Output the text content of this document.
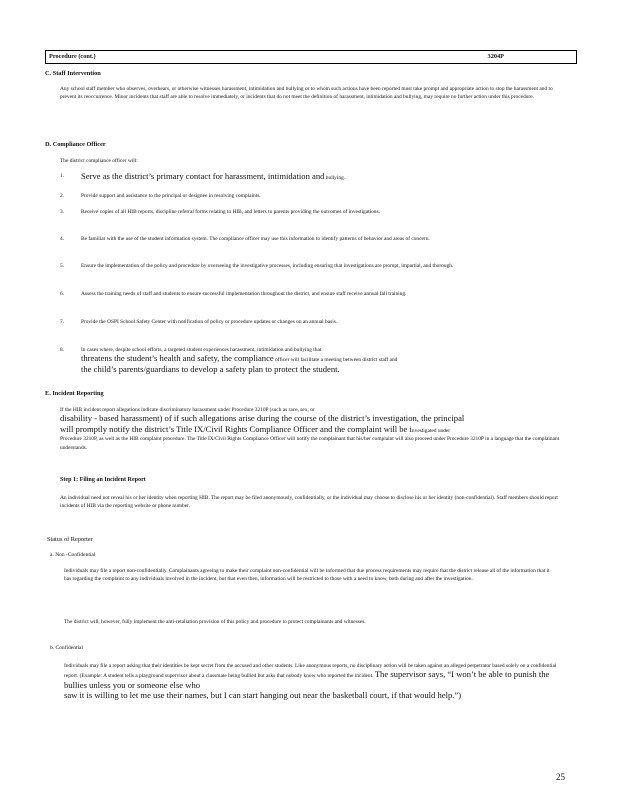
Procedure (cont.)	3204P
C. Staff Intervention
Any school staff member who observes, overhears, or otherwise witnesses harassment, intimidation and bullying or to whom such actions have been reported must take prompt and appropriate action to stop the harassment and to prevent its reoccurrence. Minor incidents that staff are able to resolve immediately, or incidents that do not meet the definition of harassment, intimidation and bullying, may require no further action under this procedure.
D. Compliance Officer
The district compliance officer will:
1. Serve as the district’s primary contact for harassment, intimidation and bullying.
2.	Provide support and assistance to the principal or designee in resolving complaints.
3.	Receive copies of all HIB reports, discipline referral forms relating to HIB, and letters to parents providing the outcomes of investigations.
4.	Be familiar with the use of the student information system. The compliance officer may use this information to identify patterns of behavior and areas of concern.
5.	Ensure the implementation of the policy and procedure by overseeing the investigative processes, including ensuring that investigations are prompt, impartial, and thorough.
6.	Assess the training needs of staff and students to ensure successful implementation throughout the district, and ensure staff receive annual fall training.
7.	Provide the OSPI School Safety Center with notification of policy or procedure updates or changes on an annual basis.
8.	In cases where, despite school efforts, a targeted student experiences harassment, intimidation and bullying that
threatens the student’s health and safety, the compliance officer will facilitate a meeting between district staff and
the child’s parents/guardians to develop a safety plan to protect the student.
E. Incident Reporting
If the HIB incident report allegations indicate discriminatory harassment under Procedure 3210P (such as race, sex, or
disability - based harassment) of if such allegations arise during the course of the district’s investigation, the principal
will promptly notify the district’s Title IX/Civil Rights Compliance Officer and the complaint will be investigated under
Procedure 3210P, as well as the HIB complaint procedure. The Title IX/Civil Rights Compliance Officer will notify the complainant that his/her complaint will also proceed under Procedure 3210P in a language that the complainant understands.
Step 1: Filing an Incident Report
An individual need not reveal his or her identity when reporting HIB. The report may be filed anonymously, confidentially, or the individual may choose to disclose his or her identity (non-confidential). Staff members should report incidents of HIB via the reporting website or phone number.
Status of Reporter
a. Non -Confidential
Individuals may file a report non-confidentially. Complainants agreeing to make their complaint non-confidential will be informed that due process requirements may require that the district release all of the information that it has regarding the complaint to any individuals involved in the incident, but that even then, information will be restricted to those with a need to know, both during and after the investigation.
The district will, however, fully implement the anti-retaliation provision of this policy and procedure to protect complainants and witnesses.
b. Confidential
Individuals may file a report asking that their identities be kept secret from the accused and other students. Like anonymous reports, no disciplinary action will be taken against an alleged perpetrator based solely on a confidential report. (Example: A student tells a playground supervisor about a classmate being bullied but asks that nobody know who reported the incident. The supervisor says, “I won’t be able to punish the bullies unless you or someone else who
saw it is willing to let me use their names, but I can start hanging out near the basketball court, if that would help.”)
25
